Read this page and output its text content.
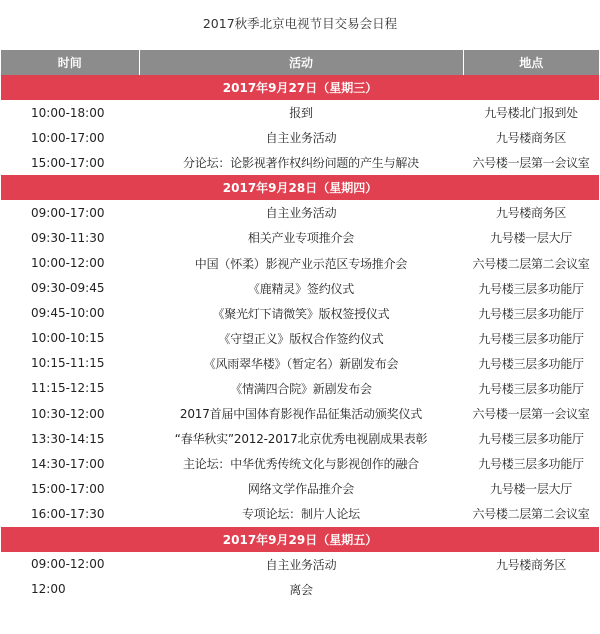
2017秋季北京电视节目交易会日程
时间	活动	地点
2017年9月27日（星期三）		
10:00-18:00	报到	九号楼北门报到处
10:00-17:00	自主业务活动	九号楼商务区
15:00-17:00	分论坛：论影视著作权纠纷问题的产生与解决	六号楼一层第一会议室
2017年9月28日（星期四）		
09:00-17:00	自主业务活动	九号楼商务区
09:30-11:30	相关产业专项推介会	九号楼一层大厅
10:00-12:00	中国（怀柔）影视产业示范区专场推介会	六号楼二层第二会议室
09:30-09:45	《鹿精灵》签约仪式	九号楼三层多功能厅
09:45-10:00	《聚光灯下请微笑》版权签授仪式	九号楼三层多功能厅
10:00-10:15	《守望正义》版权合作签约仪式	九号楼三层多功能厅
10:15-11:15	《风雨翠华楼》（暂定名）新剧发布会	九号楼三层多功能厅
11:15-12:15	《情满四合院》新剧发布会	九号楼三层多功能厅
10:30-12:00	2017首届中国体育影视作品征集活动颁奖仪式	六号楼一层第一会议室
13:30-14:15	“春华秋实”2012-2017北京优秀电视剧成果表彰	九号楼三层多功能厅
14:30-17:00	主论坛：中华优秀传统文化与影视创作的融合	九号楼三层多功能厅
15:00-17:00	网络文学作品推介会	九号楼一层大厅
16:00-17:30	专项论坛：制片人论坛	六号楼二层第二会议室
2017年9月29日（星期五）		
09:00-12:00	自主业务活动	九号楼商务区
12:00	离会	
